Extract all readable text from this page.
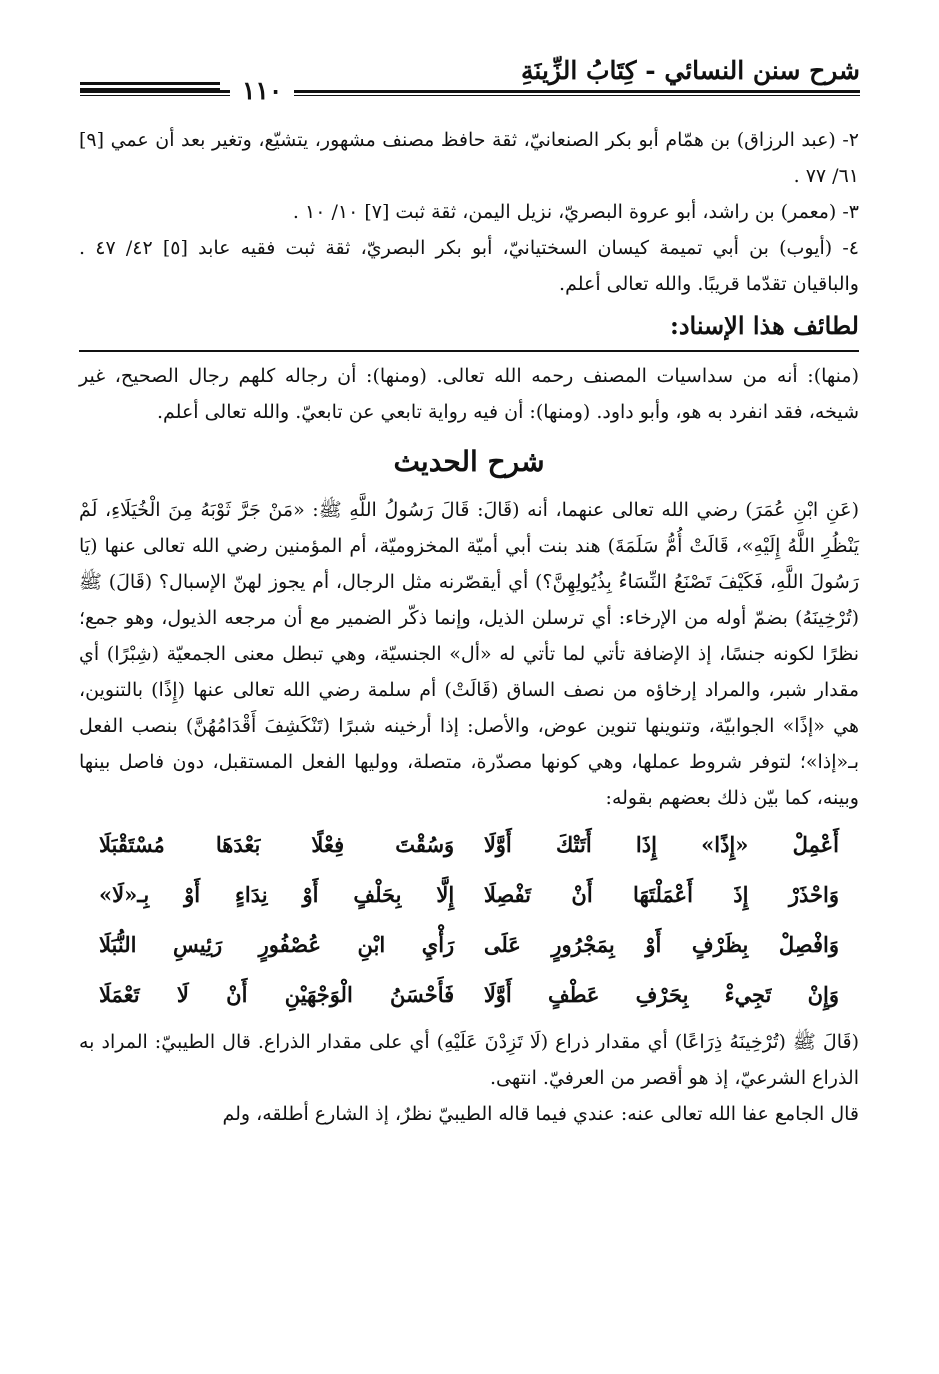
شرح سنن النسائي - كِتَابُ الزِّينَةِ
١١٠

٢- (عبد الرزاق) بن همّام أبو بكر الصنعانيّ، ثقة حافظ مصنف مشهور، يتشيّع، وتغير بعد أن عمي [٩] ٦١/ ٧٧ .

٣- (معمر) بن راشد، أبو عروة البصريّ، نزيل اليمن، ثقة ثبت [٧] ١٠/ ١٠ .

٤- (أيوب) بن أبي تميمة كيسان السختيانيّ، أبو بكر البصريّ، ثقة ثبت فقيه عابد [٥] ٤٢/ ٤٧ . والباقيان تقدّما قريبًا. والله تعالى أعلم.

لطائف هذا الإسناد:

(منها): أنه من سداسيات المصنف رحمه الله تعالى. (ومنها): أن رجاله كلهم رجال الصحيح، غير شيخه، فقد انفرد به هو، وأبو داود. (ومنها): أن فيه رواية تابعي عن تابعيّ. والله تعالى أعلم.

شرح الحديث

(عَنِ ابْنِ عُمَرَ) رضي الله تعالى عنهما، أنه (قَالَ: قَالَ رَسُولُ اللَّهِ ﷺ: «مَنْ جَرَّ ثَوْبَهُ مِنَ الْخُيَلَاءِ، لَمْ يَنْظُرِ اللَّهُ إِلَيْهِ»، قَالَتْ أُمُّ سَلَمَةَ) هند بنت أبي أميّة المخزوميّة، أم المؤمنين رضي الله تعالى عنها (يَا رَسُولَ اللَّهِ، فَكَيْفَ تَصْنَعُ النِّسَاءُ بِذُيُولِهِنَّ؟) أي أيقصّرنه مثل الرجال، أم يجوز لهنّ الإسبال؟ (قَالَ) ﷺ (تُرْخِينَهُ) بضمّ أوله من الإرخاء: أي ترسلن الذيل، وإنما ذكّر الضمير مع أن مرجعه الذيول، وهو جمع؛ نظرًا لكونه جنسًا، إذ الإضافة تأتي لما تأتي له «أل» الجنسيّة، وهي تبطل معنى الجمعيّة (شِبْرًا) أي مقدار شبر، والمراد إرخاؤه من نصف الساق (قَالَتْ) أم سلمة رضي الله تعالى عنها (إِذًا) بالتنوين، هي «إذًا» الجوابيّة، وتنوينها تنوين عوض، والأصل: إذا أرخينه شبرًا (تَنْكَشِفَ أَقْدَامُهُنَّ) بنصب الفعل بـ«إذا»؛ لتوفر شروط عملها، وهي كونها مصدّرة، متصلة، ووليها الفعل المستقبل، دون فاصل بينها وبينه، كما بيّن ذلك بعضهم بقوله:

أَعْمِلْ «إِذًا» إِذَا أَتَتْكَ أَوَّلَا
وَسُقْتَ فِعْلًا بَعْدَهَا مُسْتَقْبَلَا
وَاحْذَرْ إِذَ أَعْمَلْتَهَا أَنْ تَفْصِلَا
إِلَّا بِحَلْفٍ أَوْ نِدَاءٍ أَوْ بِـ«لَا»
وَافْصِلْ بِظَرْفٍ أَوْ بِمَجْرُورٍ عَلَى
رَأْيِ ابْنِ عُصْفُورٍ رَئِيسِ النُّبَلَا
وَإِنْ تَجِيءْ بِحَرْفِ عَطْفٍ أَوَّلَا
فَأَحْسَنُ الْوَجْهَيْنِ أَنْ لَا تَعْمَلَا

(قَالَ ﷺ (تُرْخِينَهُ ذِرَاعًا) أي مقدار ذراع (لَا تَزِدْنَ عَلَيْهِ) أي على مقدار الذراع. قال الطيبيّ: المراد به الذراع الشرعيّ، إذ هو أقصر من العرفيّ. انتهى.

قال الجامع عفا الله تعالى عنه: عندي فيما قاله الطيبيّ نظرٌ، إذ الشارع أطلقه، ولم
